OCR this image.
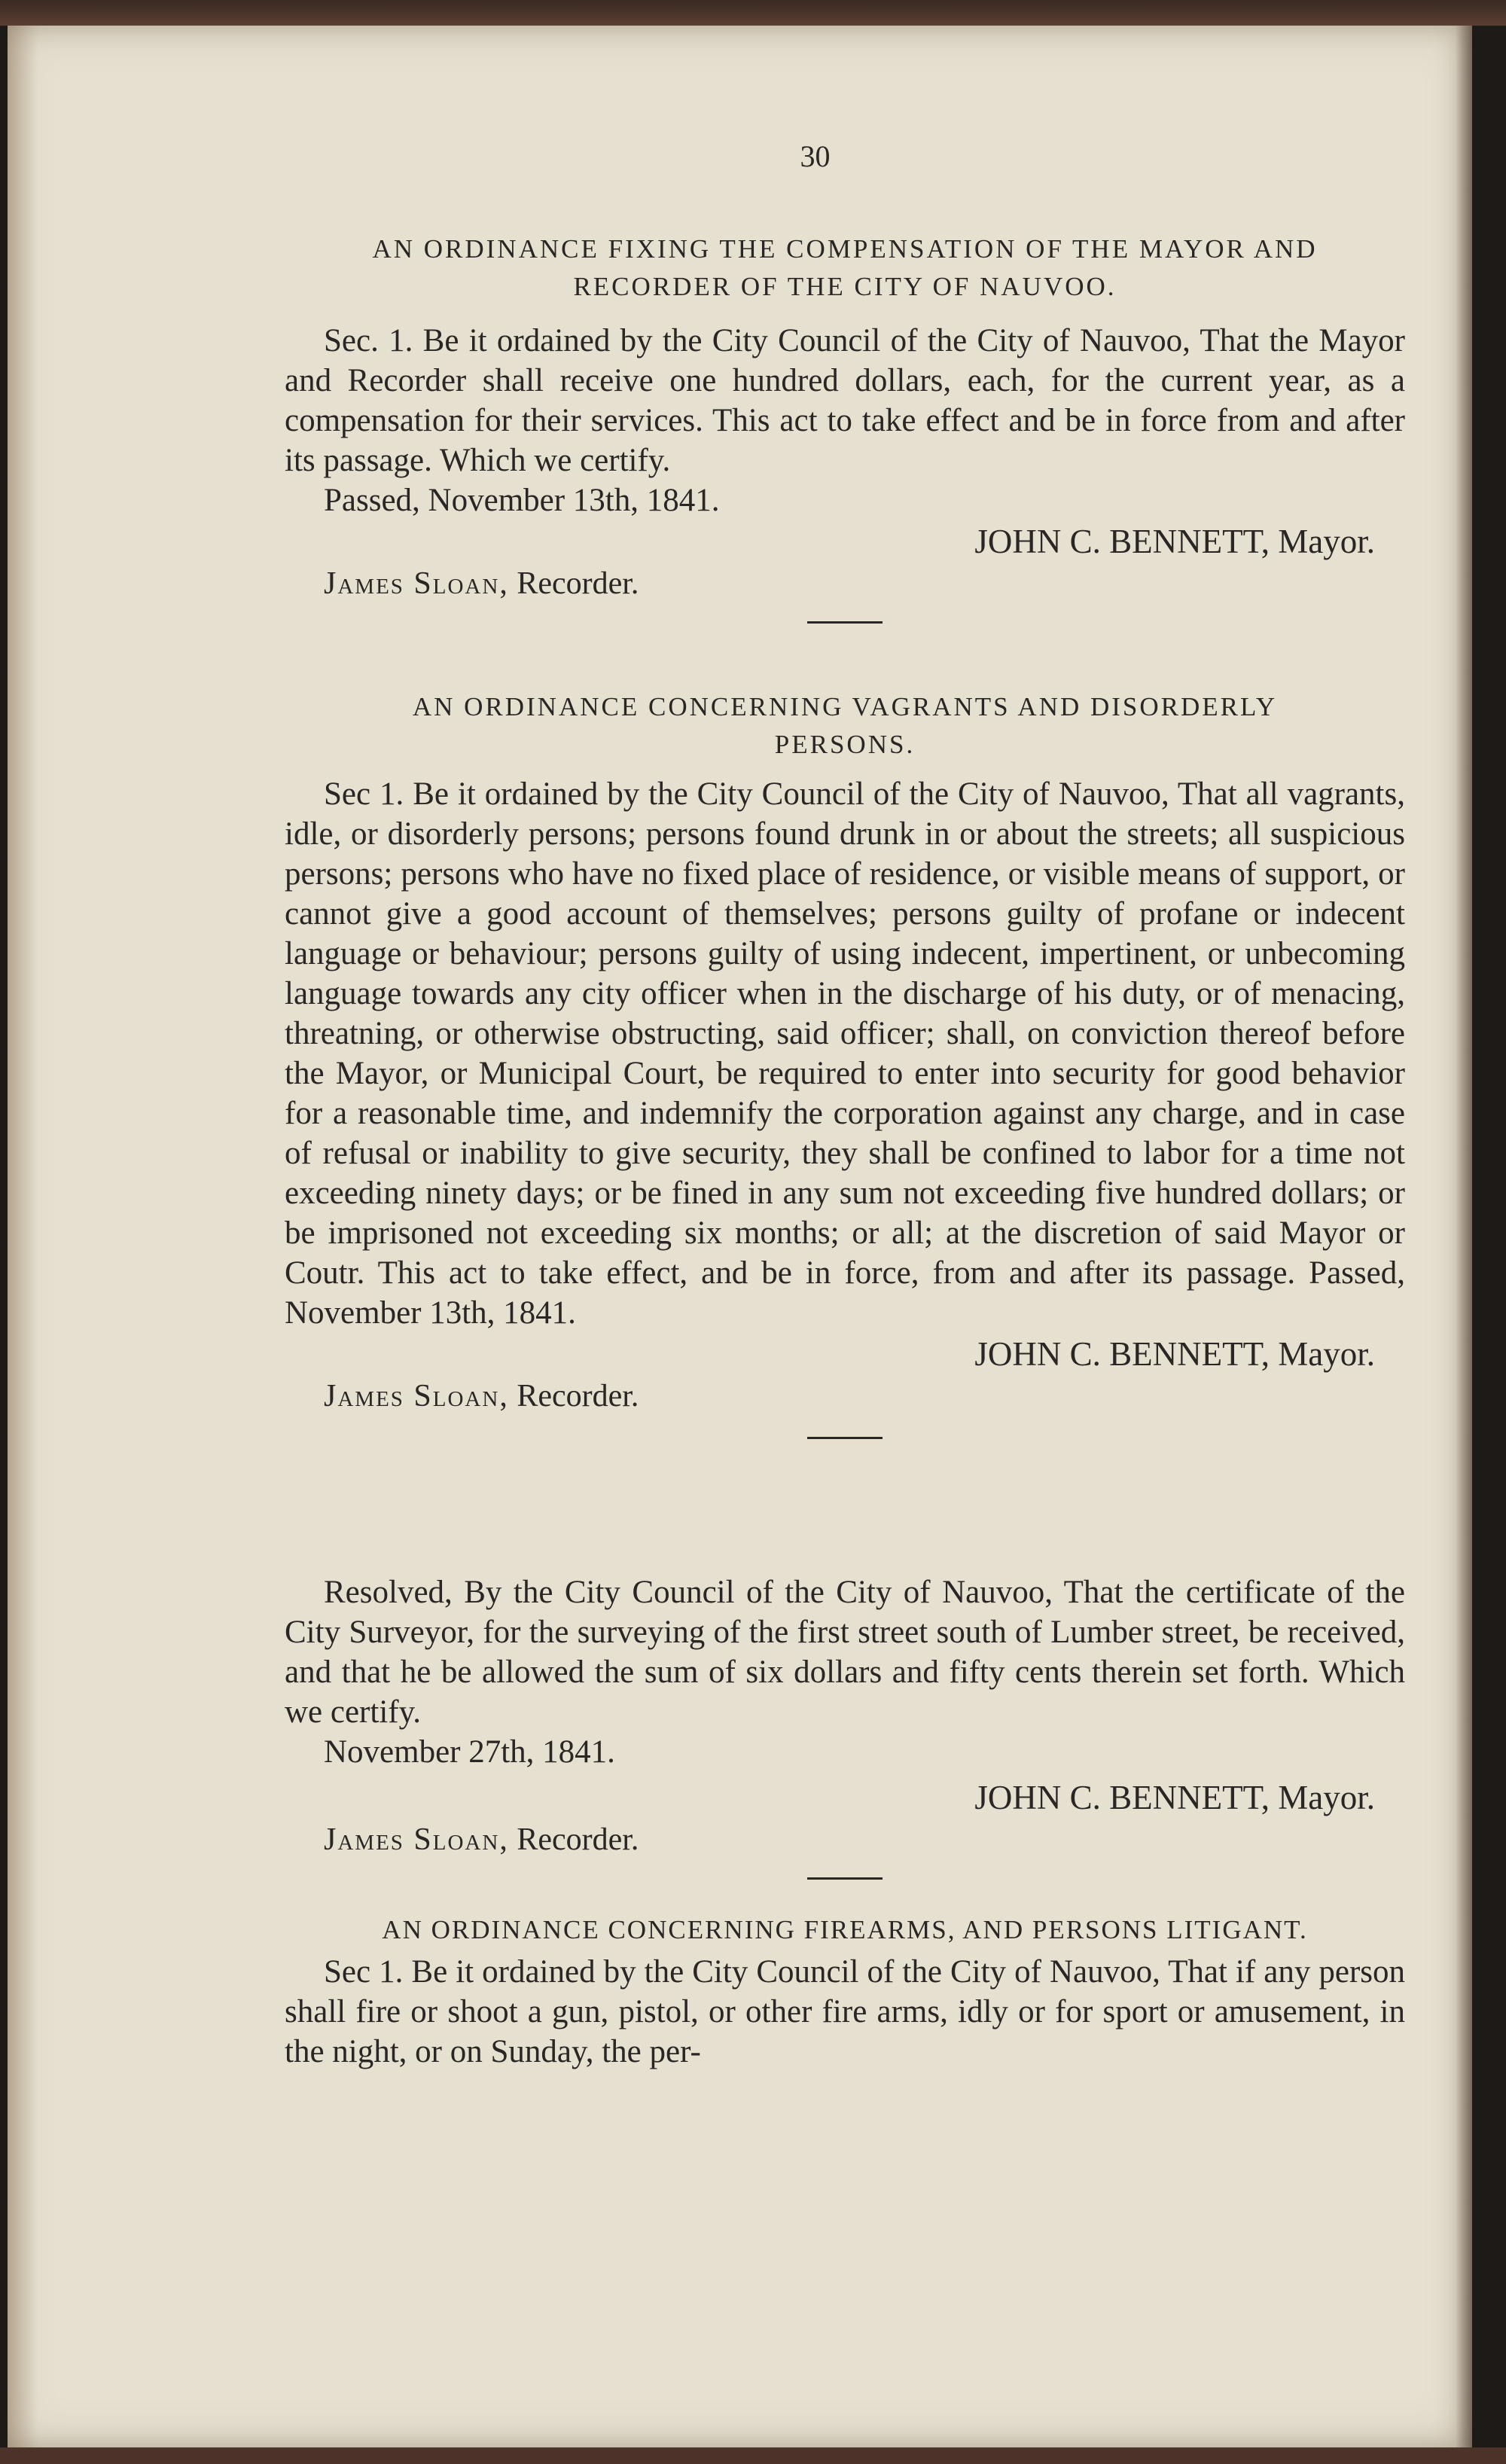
30
AN ORDINANCE FIXING THE COMPENSATION OF THE MAYOR AND
RECORDER OF THE CITY OF NAUVOO.

Sec. 1. Be it ordained by the City Council of the City of Nauvoo, That the Mayor and Recorder shall receive one hundred dollars, each, for the current year, as a compensation for their services. This act to take effect and be in force from and after its passage. Which we certify.

Passed, November 13th, 1841.
JOHN C. BENNETT, Mayor.
James Sloan, Recorder.
AN ORDINANCE CONCERNING VAGRANTS AND DISORDERLY
PERSONS.

Sec 1. Be it ordained by the City Council of the City of Nauvoo, That all vagrants, idle, or disorderly persons; persons found drunk in or about the streets; all suspicious persons; persons who have no fixed place of residence, or visible means of support, or cannot give a good account of themselves; persons guilty of profane or indecent language or behaviour; persons guilty of using indecent, impertinent, or unbecoming language towards any city officer when in the discharge of his duty, or of menacing, threatning, or otherwise obstructing, said officer; shall, on conviction thereof before the Mayor, or Municipal Court, be required to enter into security for good behavior for a reasonable time, and indemnify the corporation against any charge, and in case of refusal or inability to give security, they shall be confined to labor for a time not exceeding ninety days; or be fined in any sum not exceeding five hundred dollars; or be imprisoned not exceeding six months; or all; at the discretion of said Mayor or Coutr. This act to take effect, and be in force, from and after its passage. Passed, November 13th, 1841.

JOHN C. BENNETT, Mayor.
James Sloan, Recorder.

Resolved, By the City Council of the City of Nauvoo, That the certificate of the City Surveyor, for the surveying of the first street south of Lumber street, be received, and that he be allowed the sum of six dollars and fifty cents therein set forth. Which we certify.

November 27th, 1841.
JOHN C. BENNETT, Mayor.
James Sloan, Recorder.
AN ORDINANCE CONCERNING FIREARMS, AND PERSONS LITIGANT.

Sec 1. Be it ordained by the City Council of the City of Nauvoo, That if any person shall fire or shoot a gun, pistol, or other fire arms, idly or for sport or amusement, in the night, or on Sunday, the per-
